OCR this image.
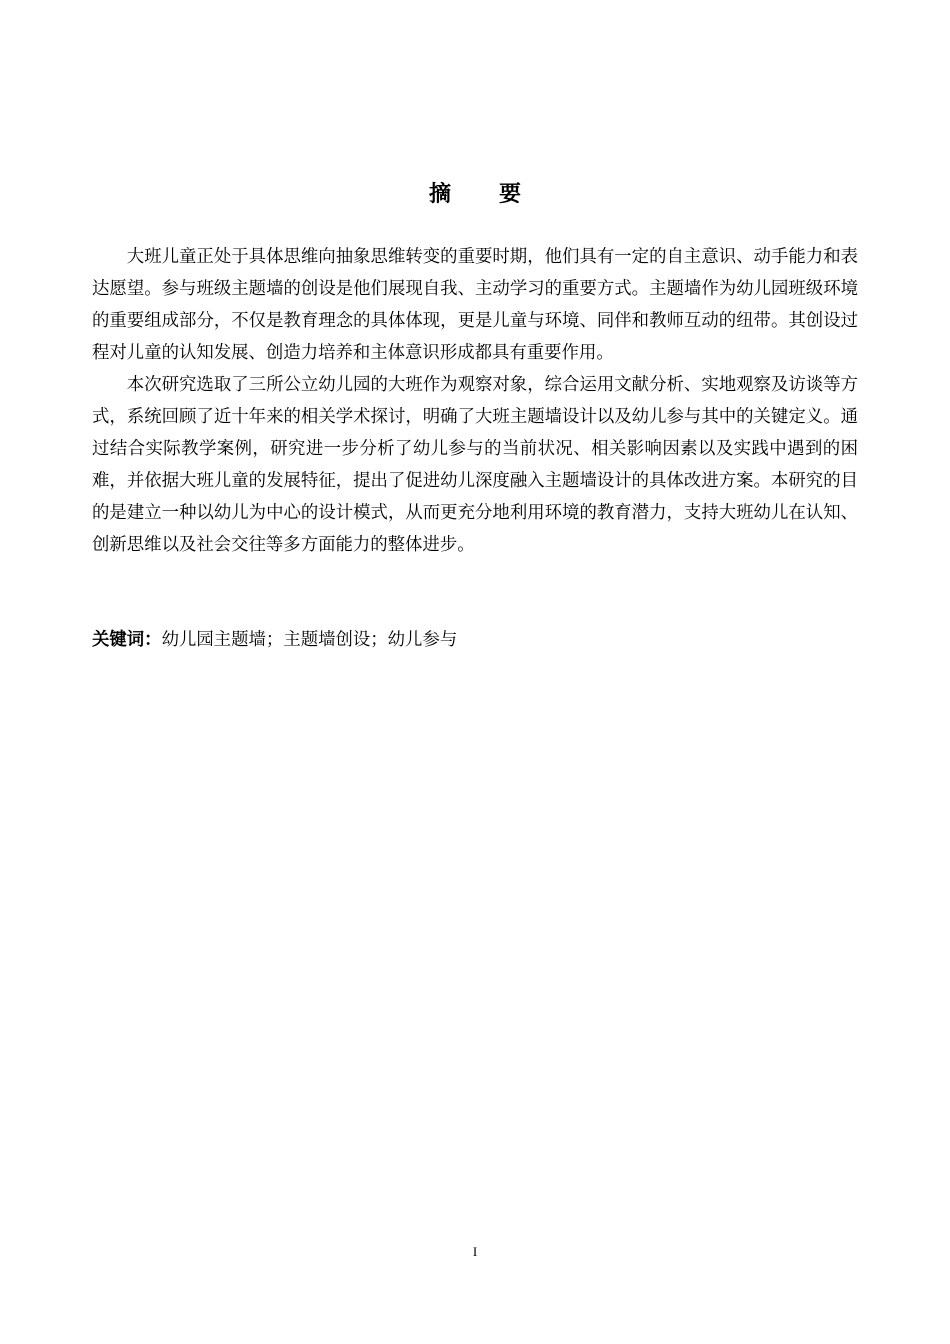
摘要

大班儿童正处于具体思维向抽象思维转变的重要时期，他们具有一定的自主意识、动手能力和表达愿望。参与班级主题墙的创设是他们展现自我、主动学习的重要方式。主题墙作为幼儿园班级环境的重要组成部分，不仅是教育理念的具体体现，更是儿童与环境、同伴和教师互动的纽带。其创设过程对儿童的认知发展、创造力培养和主体意识形成都具有重要作用。

本次研究选取了三所公立幼儿园的大班作为观察对象，综合运用文献分析、实地观察及访谈等方式，系统回顾了近十年来的相关学术探讨，明确了大班主题墙设计以及幼儿参与其中的关键定义。通过结合实际教学案例，研究进一步分析了幼儿参与的当前状况、相关影响因素以及实践中遇到的困难，并依据大班儿童的发展特征，提出了促进幼儿深度融入主题墙设计的具体改进方案。本研究的目的是建立一种以幼儿为中心的设计模式，从而更充分地利用环境的教育潜力，支持大班幼儿在认知、创新思维以及社会交往等多方面能力的整体进步。

关键词：幼儿园主题墙；主题墙创设；幼儿参与
I
